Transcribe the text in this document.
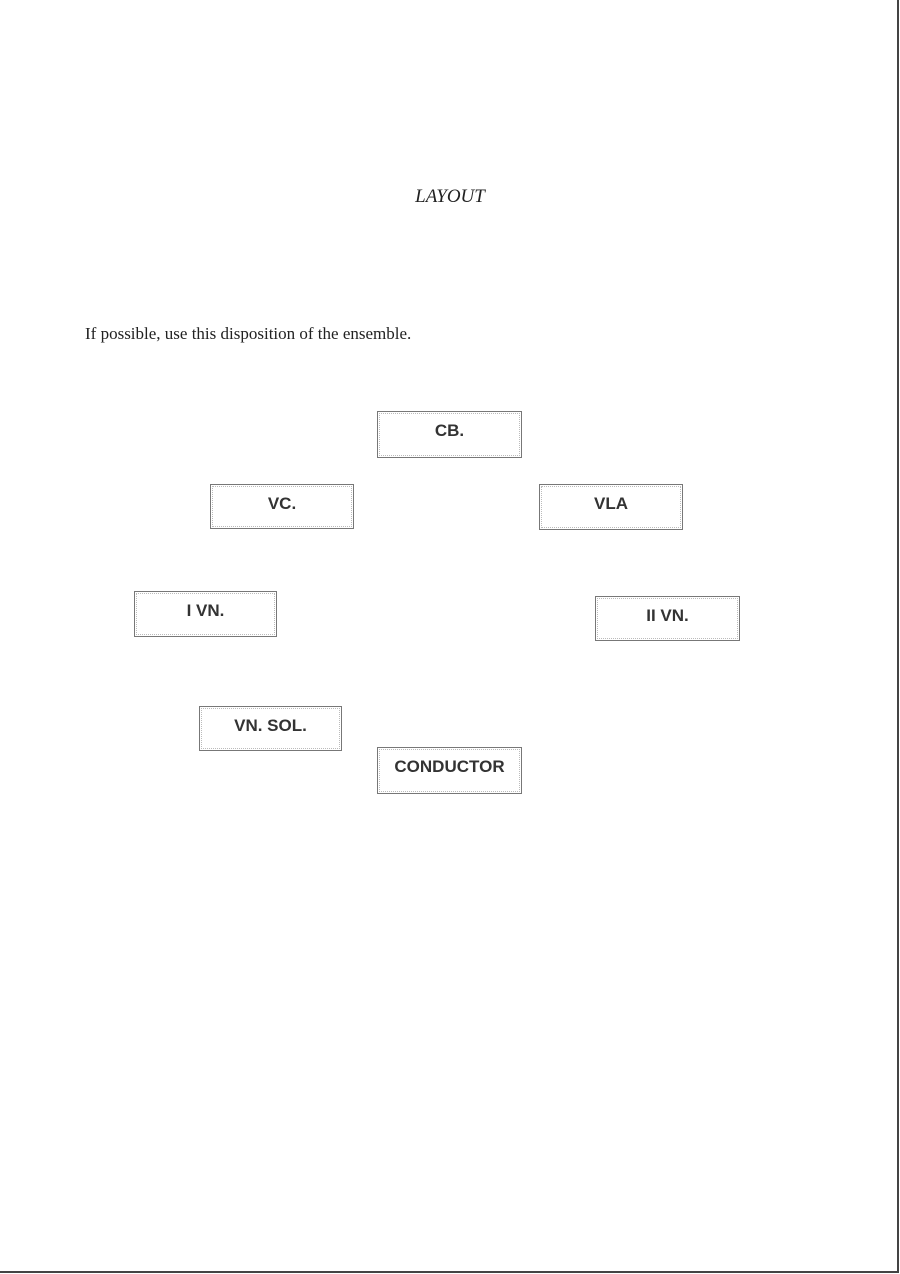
LAYOUT
If possible, use this disposition of the ensemble.
CB.
VC.	VLA
I VN.	II VN.
VN. SOL.
CONDUCTOR
